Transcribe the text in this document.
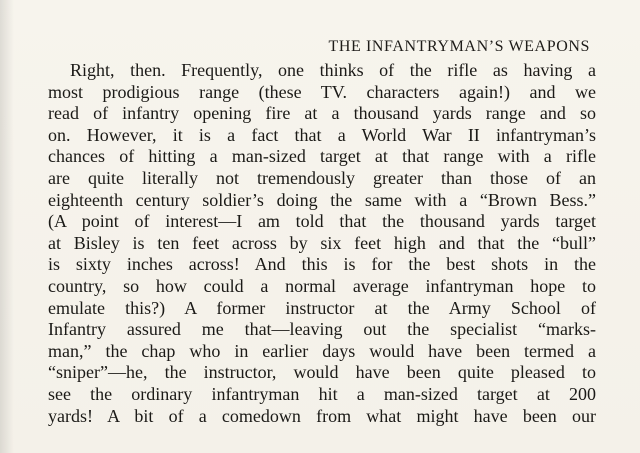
THE INFANTRYMAN’S WEAPONS
Right, then. Frequently, one thinks of the rifle as having a
most prodigious range (these TV. characters again!) and we
read of infantry opening fire at a thousand yards range and so
on. However, it is a fact that a World War II infantryman’s
chances of hitting a man-sized target at that range with a rifle
are quite literally not tremendously greater than those of an
eighteenth century soldier’s doing the same with a “Brown Bess.”
(A point of interest—I am told that the thousand yards target
at Bisley is ten feet across by six feet high and that the “bull”
is sixty inches across! And this is for the best shots in the
country, so how could a normal average infantryman hope to
emulate this?) A former instructor at the Army School of
Infantry assured me that—leaving out the specialist “marks-
man,” the chap who in earlier days would have been termed a
“sniper”—he, the instructor, would have been quite pleased to
see the ordinary infantryman hit a man-sized target at 200
yards! A bit of a comedown from what might have been our
